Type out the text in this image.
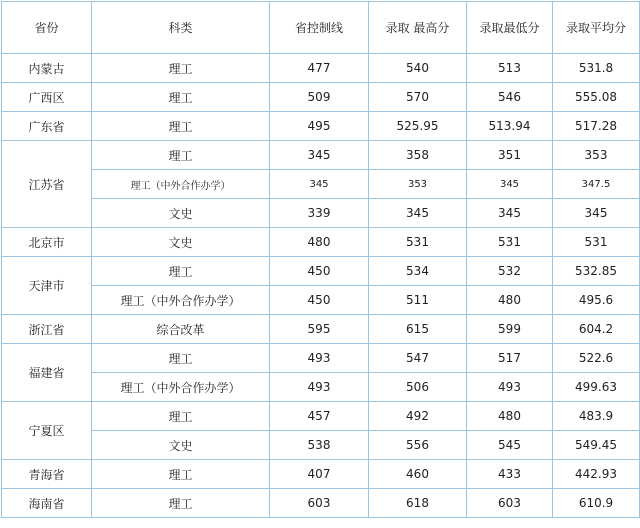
省份	科类	省控制线	录取 最高分	录取最低分	录取平均分
内蒙古	理工	477	540	513	531.8
广西区	理工	509	570	546	555.08
广东省	理工	495	525.95	513.94	517.28
江苏省	理工	345	358	351	353
	理工（中外合作办学）	345	353	345	347.5
	文史	339	345	345	345
北京市	文史	480	531	531	531
天津市	理工	450	534	532	532.85
	理工（中外合作办学）	450	511	480	495.6
浙江省	综合改革	595	615	599	604.2
福建省	理工	493	547	517	522.6
	理工（中外合作办学）	493	506	493	499.63
宁夏区	理工	457	492	480	483.9
	文史	538	556	545	549.45
青海省	理工	407	460	433	442.93
海南省	理工	603	618	603	610.9
